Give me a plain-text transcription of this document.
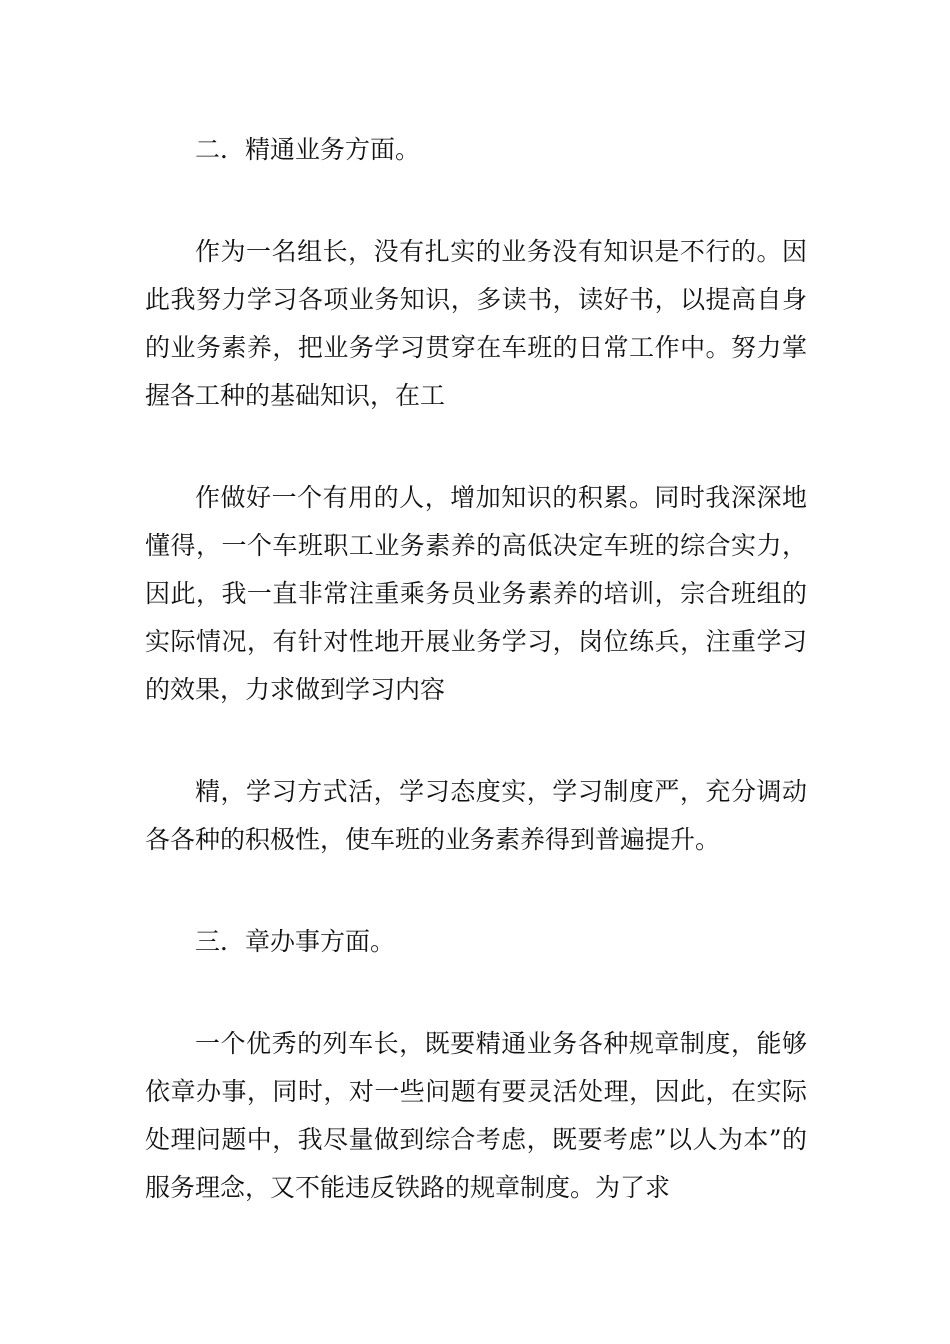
二．精通业务方面。

作为一名组长，没有扎实的业务没有知识是不行的。因此我努力学习各项业务知识，多读书，读好书，以提高自身的业务素养，把业务学习贯穿在车班的日常工作中。努力掌握各工种的基础知识，在工

作做好一个有用的人，增加知识的积累。同时我深深地懂得，一个车班职工业务素养的高低决定车班的综合实力，因此，我一直非常注重乘务员业务素养的培训，宗合班组的实际情况，有针对性地开展业务学习，岗位练兵，注重学习的效果，力求做到学习内容

精，学习方式活，学习态度实，学习制度严，充分调动各各种的积极性，使车班的业务素养得到普遍提升。

三．章办事方面。

一个优秀的列车长，既要精通业务各种规章制度，能够依章办事，同时，对一些问题有要灵活处理，因此，在实际处理问题中，我尽量做到综合考虑，既要考虑”以人为本”的服务理念，又不能违反铁路的规章制度。为了求
